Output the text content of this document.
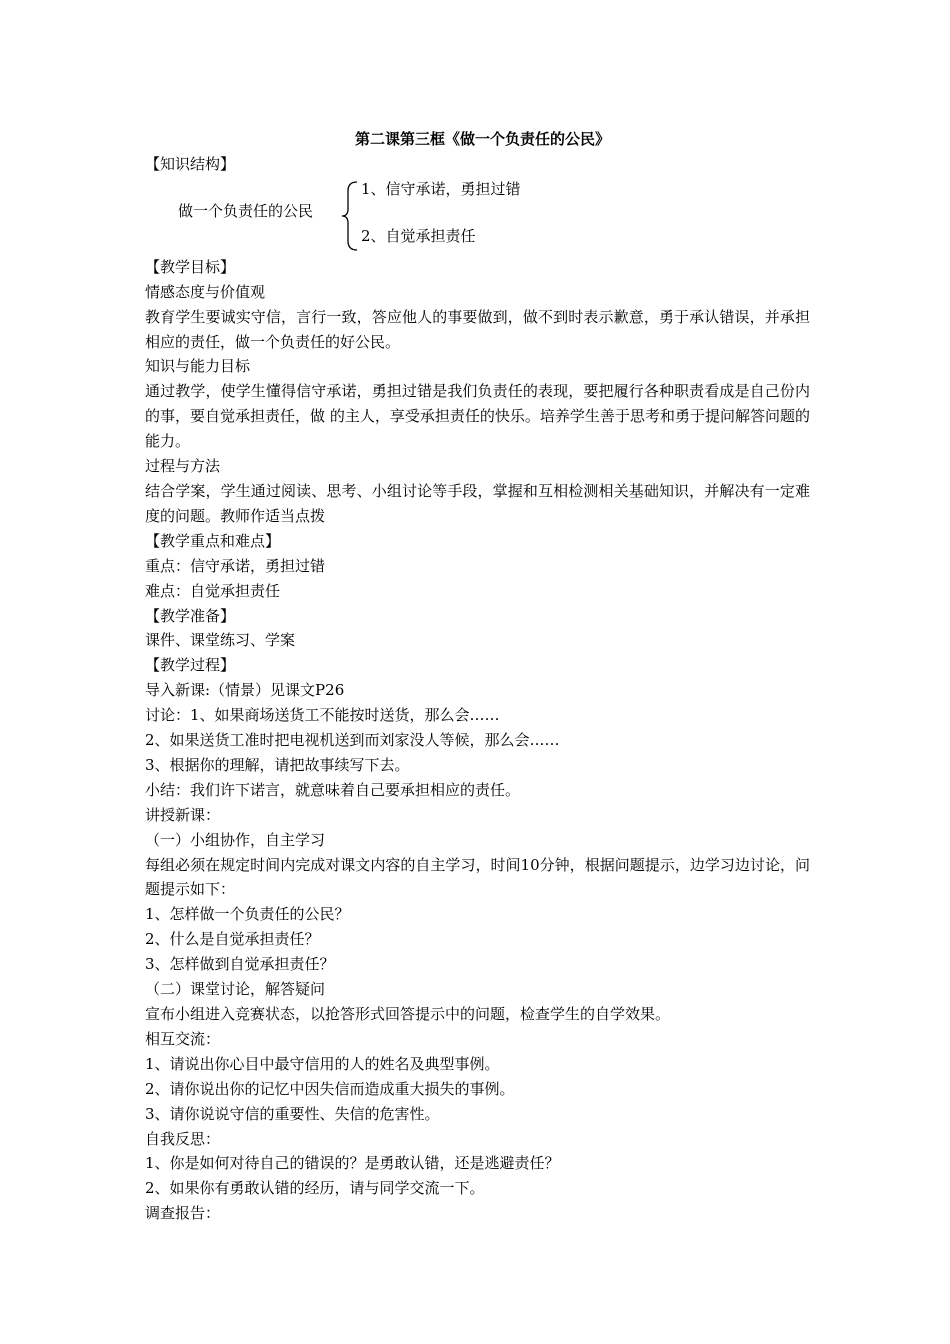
第二课第三框《做一个负责任的公民》
【知识结构】
做一个负责任的公民
1、信守承诺，勇担过错
2、自觉承担责任
【教学目标】
情感态度与价值观
教育学生要诚实守信，言行一致，答应他人的事要做到，做不到时表示歉意，勇于承认错误，并承担相应的责任，做一个负责任的好公民。
知识与能力目标
通过教学，使学生懂得信守承诺，勇担过错是我们负责任的表现，要把履行各种职责看成是自己份内的事，要自觉承担责任，做 的主人，享受承担责任的快乐。培养学生善于思考和勇于提问解答问题的能力。
过程与方法
结合学案，学生通过阅读、思考、小组讨论等手段，掌握和互相检测相关基础知识，并解决有一定难度的问题。教师作适当点拨
【教学重点和难点】
重点：信守承诺，勇担过错
难点：自觉承担责任
【教学准备】
课件、课堂练习、学案
【教学过程】
导入新课:（情景）见课文P26
讨论：1、如果商场送货工不能按时送货，那么会……
2、如果送货工准时把电视机送到而刘家没人等候，那么会……
3、根据你的理解，请把故事续写下去。
小结：我们许下诺言，就意味着自己要承担相应的责任。
讲授新课：
（一）小组协作，自主学习
每组必须在规定时间内完成对课文内容的自主学习，时间10分钟，根据问题提示，边学习边讨论，问题提示如下：
1、怎样做一个负责任的公民？
2、什么是自觉承担责任？
3、怎样做到自觉承担责任？
（二）课堂讨论，解答疑问
宣布小组进入竞赛状态，以抢答形式回答提示中的问题，检查学生的自学效果。
相互交流：
1、请说出你心目中最守信用的人的姓名及典型事例。
2、请你说出你的记忆中因失信而造成重大损失的事例。
3、请你说说守信的重要性、失信的危害性。
自我反思：
1、你是如何对待自己的错误的？是勇敢认错，还是逃避责任？
2、如果你有勇敢认错的经历，请与同学交流一下。
调查报告：
